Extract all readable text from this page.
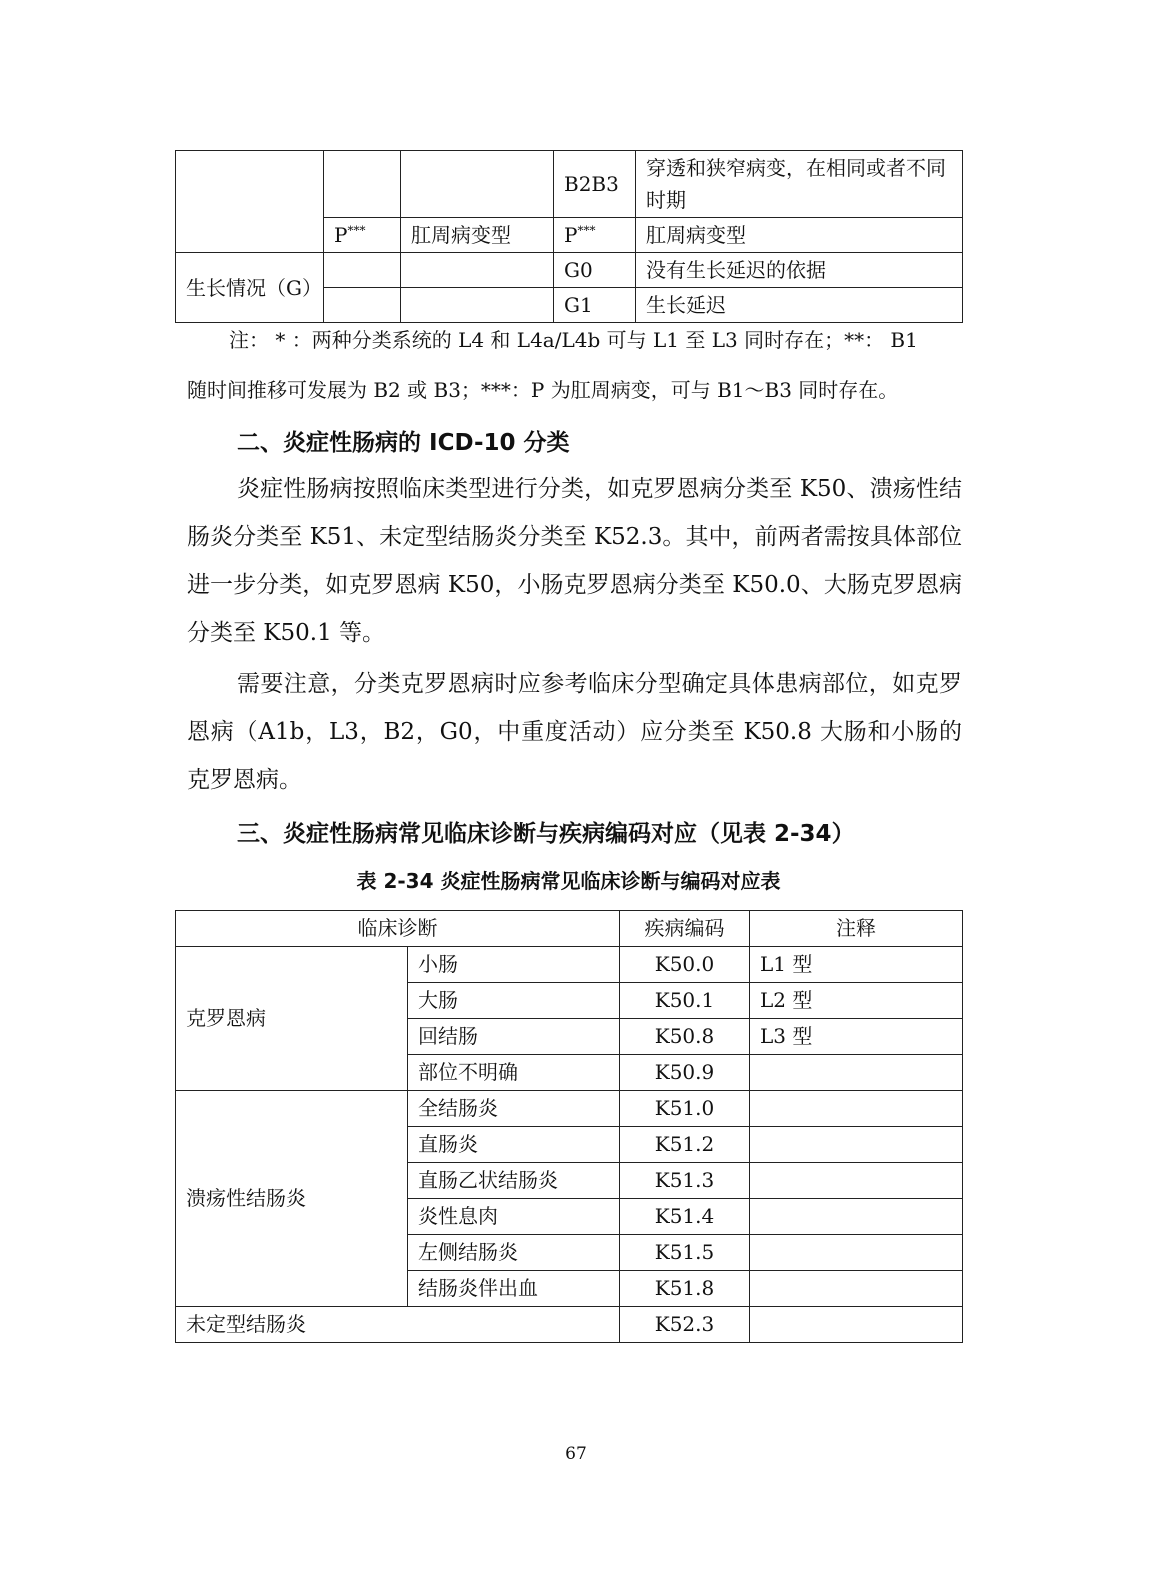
			B2B3	穿透和狭窄病变，在相同或者不同时期
	P***	肛周病变型	P***	肛周病变型
生长情况（G）			G0	没有生长延迟的依据
			G1	生长延迟
注： * ：两种分类系统的 L4 和 L4a/L4b 可与 L1 至 L3 同时存在；**： B1
随时间推移可发展为 B2 或 B3；***：P 为肛周病变，可与 B1～B3 同时存在。
二、炎症性肠病的 ICD-10 分类
炎症性肠病按照临床类型进行分类，如克罗恩病分类至 K50、溃疡性结肠炎分类至 K51、未定型结肠炎分类至 K52.3。其中，前两者需按具体部位进一步分类，如克罗恩病 K50，小肠克罗恩病分类至 K50.0、大肠克罗恩病分类至 K50.1 等。
需要注意，分类克罗恩病时应参考临床分型确定具体患病部位，如克罗恩病（A1b，L3，B2，G0，中重度活动）应分类至 K50.8 大肠和小肠的克罗恩病。
三、炎症性肠病常见临床诊断与疾病编码对应（见表 2-34）
表 2-34 炎症性肠病常见临床诊断与编码对应表
临床诊断		疾病编码	注释
克罗恩病	小肠	K50.0	L1 型
	大肠	K50.1	L2 型
	回结肠	K50.8	L3 型
	部位不明确	K50.9	
溃疡性结肠炎	全结肠炎	K51.0	
	直肠炎	K51.2	
	直肠乙状结肠炎	K51.3	
	炎性息肉	K51.4	
	左侧结肠炎	K51.5	
	结肠炎伴出血	K51.8	
未定型结肠炎		K52.3	
67
